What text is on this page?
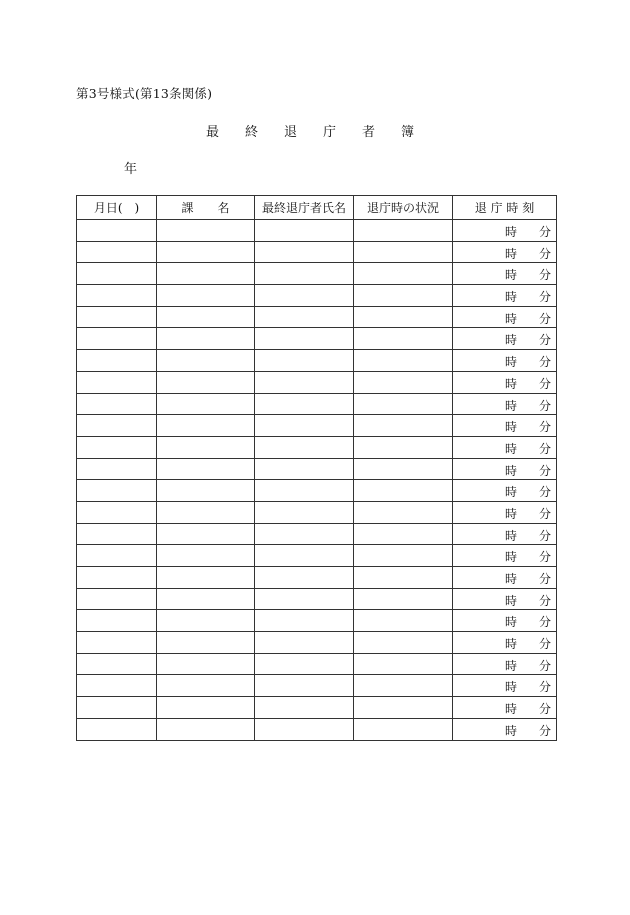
第3号様式(第13条関係)
最　　終　　退　　庁　　者　　簿
年
月日(　)	課　　名	最終退庁者氏名	退庁時の状況	退 庁 時 刻

				時 分

				時 分

				時 分

				時 分

				時 分

				時 分

				時 分

				時 分

				時 分

				時 分

				時 分

				時 分

				時 分

				時 分

				時 分

				時 分

				時 分

				時 分

				時 分

				時 分

				時 分

				時 分

				時 分

				時 分
